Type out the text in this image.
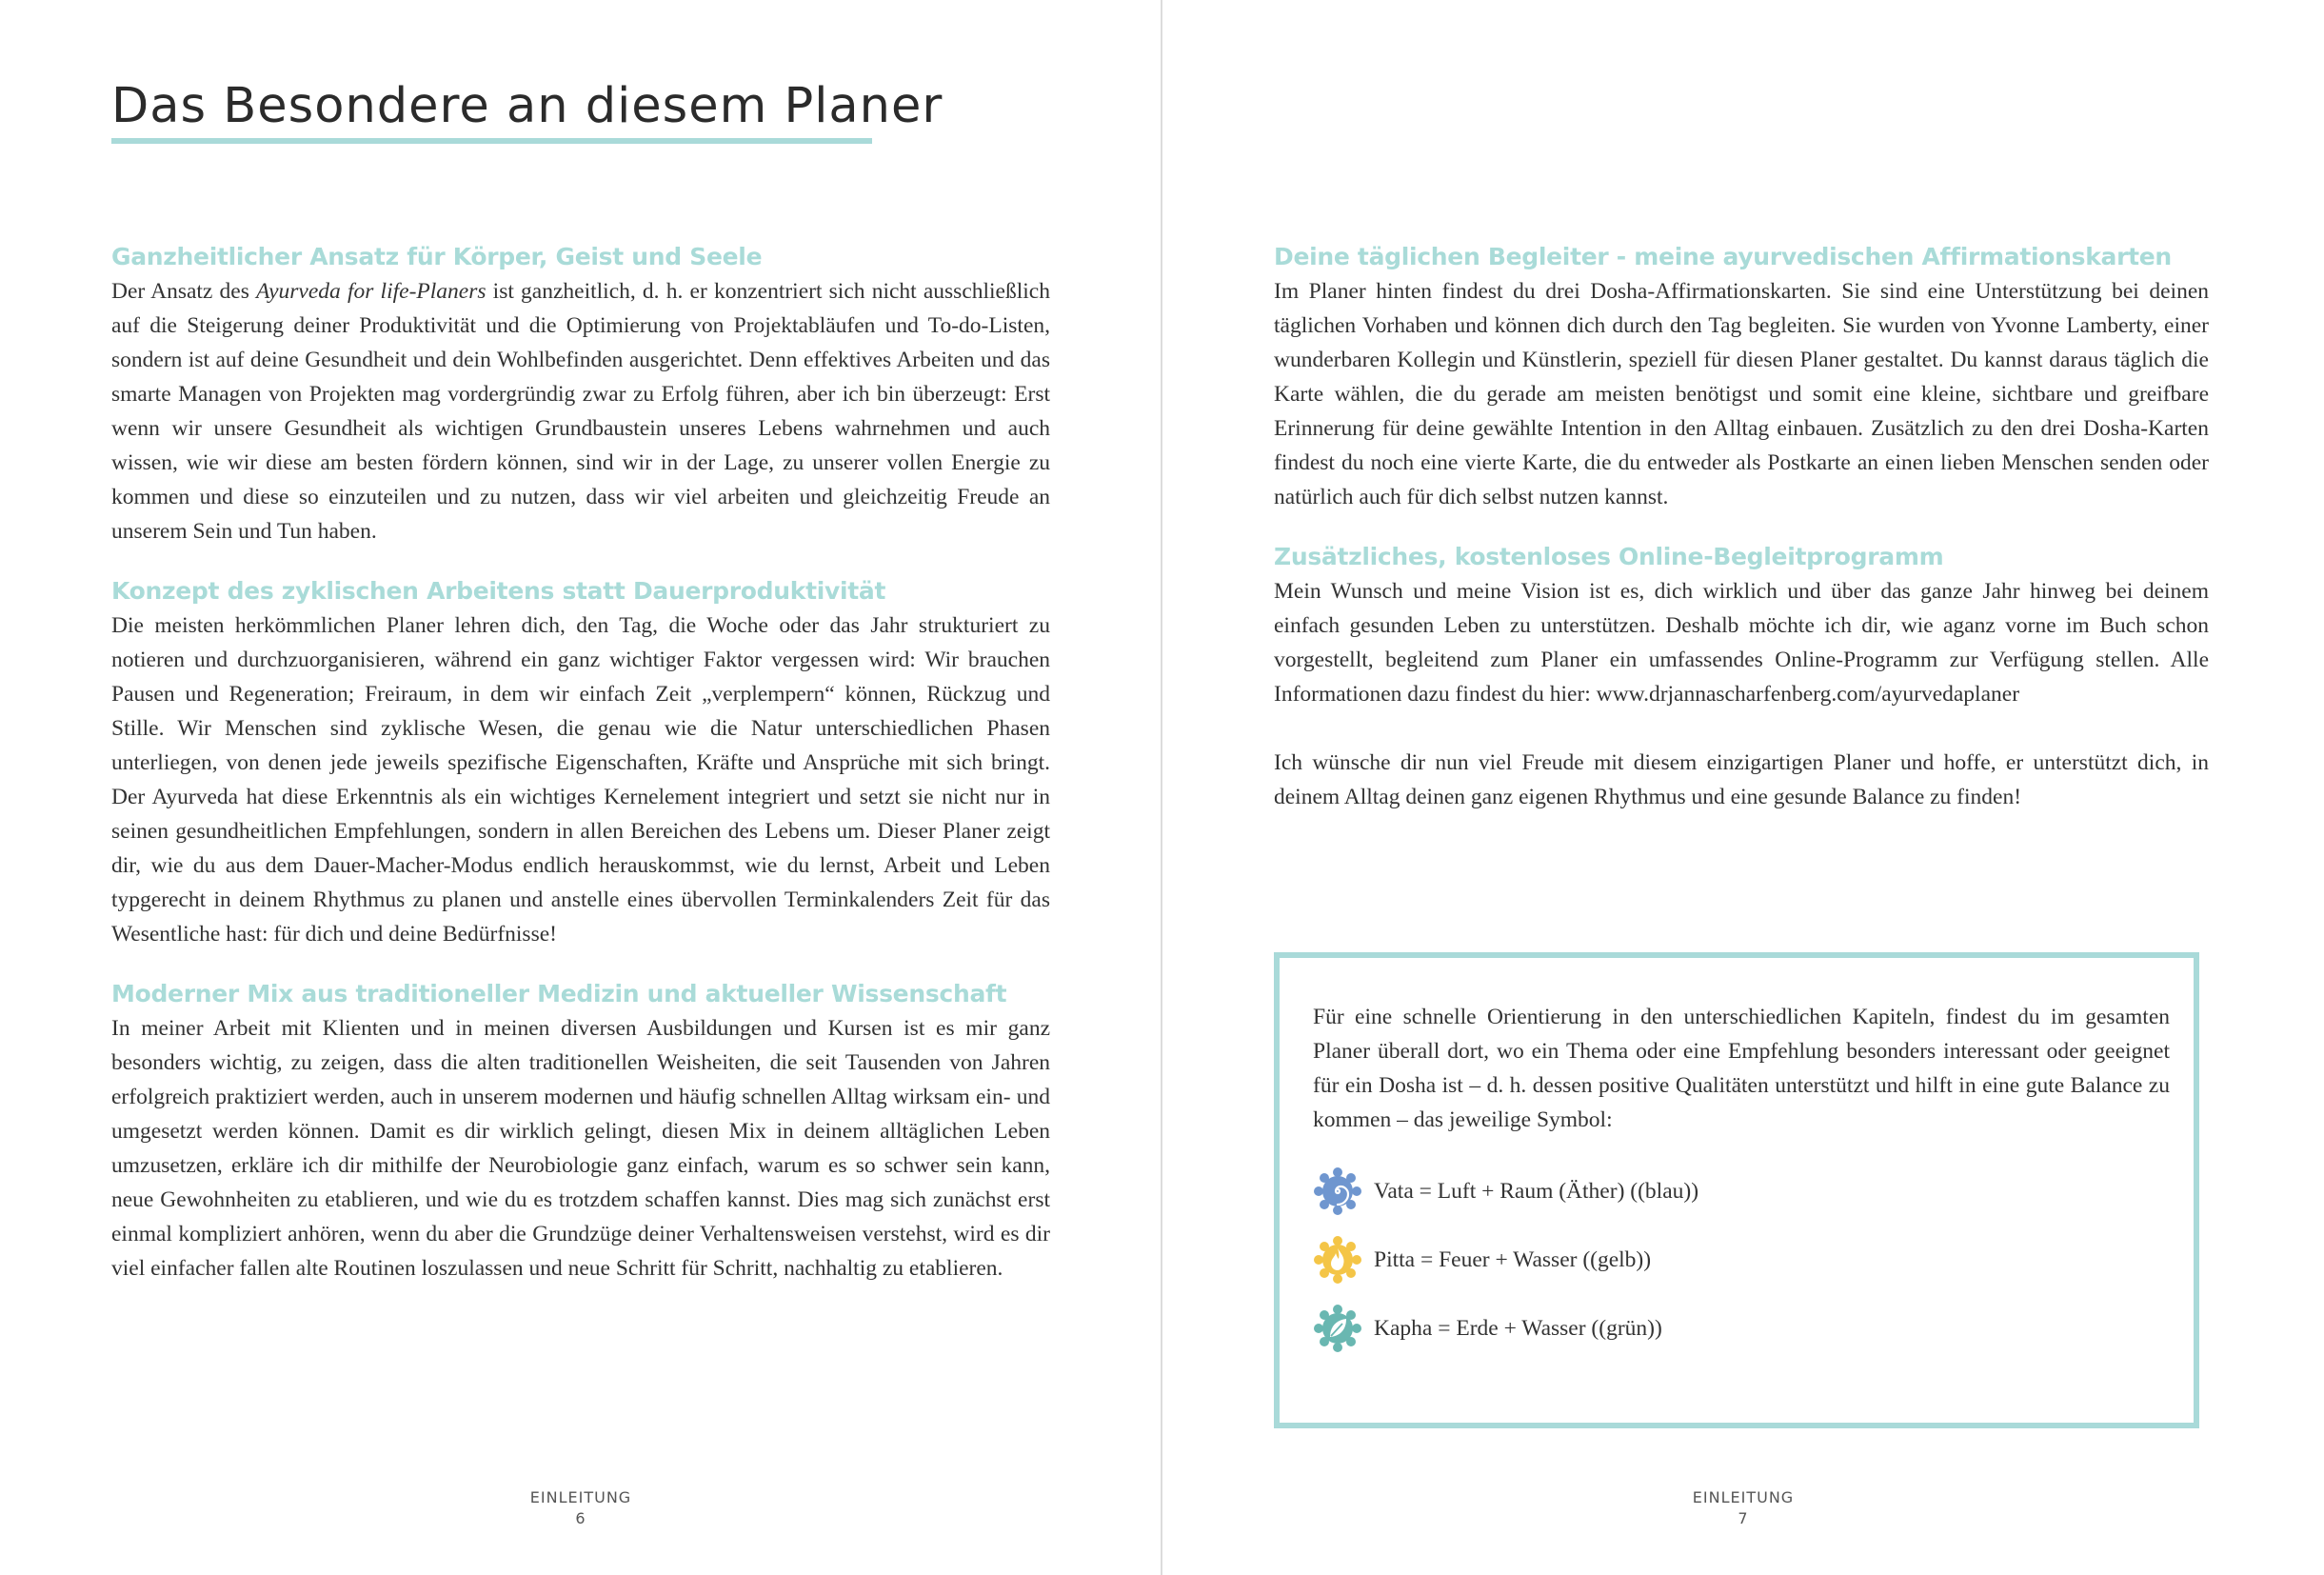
Das Besondere an diesem Planer
Ganzheitlicher Ansatz für Körper, Geist und Seele

Der Ansatz des Ayurveda for life-Planers ist ganzheitlich, d. h. er konzentriert sich nicht ausschließlich auf die Steigerung deiner Produktivität und die Optimierung von Projektabläufen und To-do-Listen, sondern ist auf deine Gesundheit und dein Wohlbefinden ausgerichtet. Denn effektives Arbeiten und das smarte Managen von Projekten mag vordergründig zwar zu Erfolg führen, aber ich bin überzeugt: Erst wenn wir unsere Gesundheit als wichtigen Grundbaustein unseres Lebens wahrnehmen und auch wissen, wie wir diese am besten fördern können, sind wir in der Lage, zu unserer vollen Energie zu kommen und diese so einzuteilen und zu nutzen, dass wir viel arbeiten und gleichzeitig Freude an unserem Sein und Tun haben.

Konzept des zyklischen Arbeitens statt Dauerproduktivität

Die meisten herkömmlichen Planer lehren dich, den Tag, die Woche oder das Jahr strukturiert zu notieren und durchzuorganisieren, während ein ganz wichtiger Faktor vergessen wird: Wir brauchen Pausen und Regeneration; Freiraum, in dem wir einfach Zeit „verplempern“ können, Rückzug und Stille. Wir Menschen sind zyklische Wesen, die genau wie die Natur unterschiedlichen Phasen unterliegen, von denen jede jeweils spezifische Eigenschaften, Kräfte und Ansprüche mit sich bringt. Der Ayurveda hat diese Erkenntnis als ein wichtiges Kernelement integriert und setzt sie nicht nur in seinen gesundheitlichen Empfehlungen, sondern in allen Bereichen des Lebens um. Dieser Planer zeigt dir, wie du aus dem Dauer-Macher-Modus endlich herauskommst, wie du lernst, Arbeit und Leben typgerecht in deinem Rhythmus zu planen und anstelle eines übervollen Terminkalenders Zeit für das Wesentliche hast: für dich und deine Bedürfnisse!

Moderner Mix aus traditioneller Medizin und aktueller Wissenschaft

In meiner Arbeit mit Klienten und in meinen diversen Ausbildungen und Kursen ist es mir ganz besonders wichtig, zu zeigen, dass die alten traditionellen Weisheiten, die seit Tausenden von Jahren erfolgreich praktiziert werden, auch in unserem modernen und häufig schnellen Alltag wirksam ein- und umgesetzt werden können. Damit es dir wirklich gelingt, diesen Mix in deinem alltäglichen Leben umzusetzen, erkläre ich dir mithilfe der Neurobiologie ganz einfach, warum es so schwer sein kann, neue Gewohnheiten zu etablieren, und wie du es trotzdem schaffen kannst. Dies mag sich zunächst erst einmal kompliziert anhören, wenn du aber die Grundzüge deiner Verhaltensweisen verstehst, wird es dir viel einfacher fallen alte Routinen loszulassen und neue Schritt für Schritt, nachhaltig zu etablieren.

EINLEITUNG
6
Deine täglichen Begleiter - meine ayurvedischen Affirmationskarten

Im Planer hinten findest du drei Dosha-Affirmationskarten. Sie sind eine Unterstützung bei deinen täglichen Vorhaben und können dich durch den Tag begleiten. Sie wurden von Yvonne Lamberty, einer wunderbaren Kollegin und Künstlerin, speziell für diesen Planer gestaltet. Du kannst daraus täglich die Karte wählen, die du gerade am meisten benötigst und somit eine kleine, sichtbare und greifbare Erinnerung für deine gewählte Intention in den Alltag einbauen. Zusätzlich zu den drei Dosha-Karten findest du noch eine vierte Karte, die du entweder als Postkarte an einen lieben Menschen senden oder natürlich auch für dich selbst nutzen kannst.

Zusätzliches, kostenloses Online-Begleitprogramm

Mein Wunsch und meine Vision ist es, dich wirklich und über das ganze Jahr hinweg bei deinem einfach gesunden Leben zu unterstützen. Deshalb möchte ich dir, wie aganz vorne im Buch schon vorgestellt, begleitend zum Planer ein umfassendes Online-Programm zur Verfügung stellen. Alle Informationen dazu findest du hier: www.drjannascharfenberg.com/ayurvedaplaner

Ich wünsche dir nun viel Freude mit diesem einzigartigen Planer und hoffe, er unterstützt dich, in deinem Alltag deinen ganz eigenen Rhythmus und eine gesunde Balance zu finden!

Für eine schnelle Orientierung in den unterschiedlichen Kapiteln, findest du im gesamten Planer überall dort, wo ein Thema oder eine Empfehlung besonders interessant oder geeignet für ein Dosha ist – d. h. dessen positive Qualitäten unterstützt und hilft in eine gute Balance zu kommen – das jeweilige Symbol:
Vata = Luft + Raum (Äther) ((blau))
Pitta = Feuer + Wasser ((gelb))
Kapha = Erde + Wasser ((grün))
EINLEITUNG
7
